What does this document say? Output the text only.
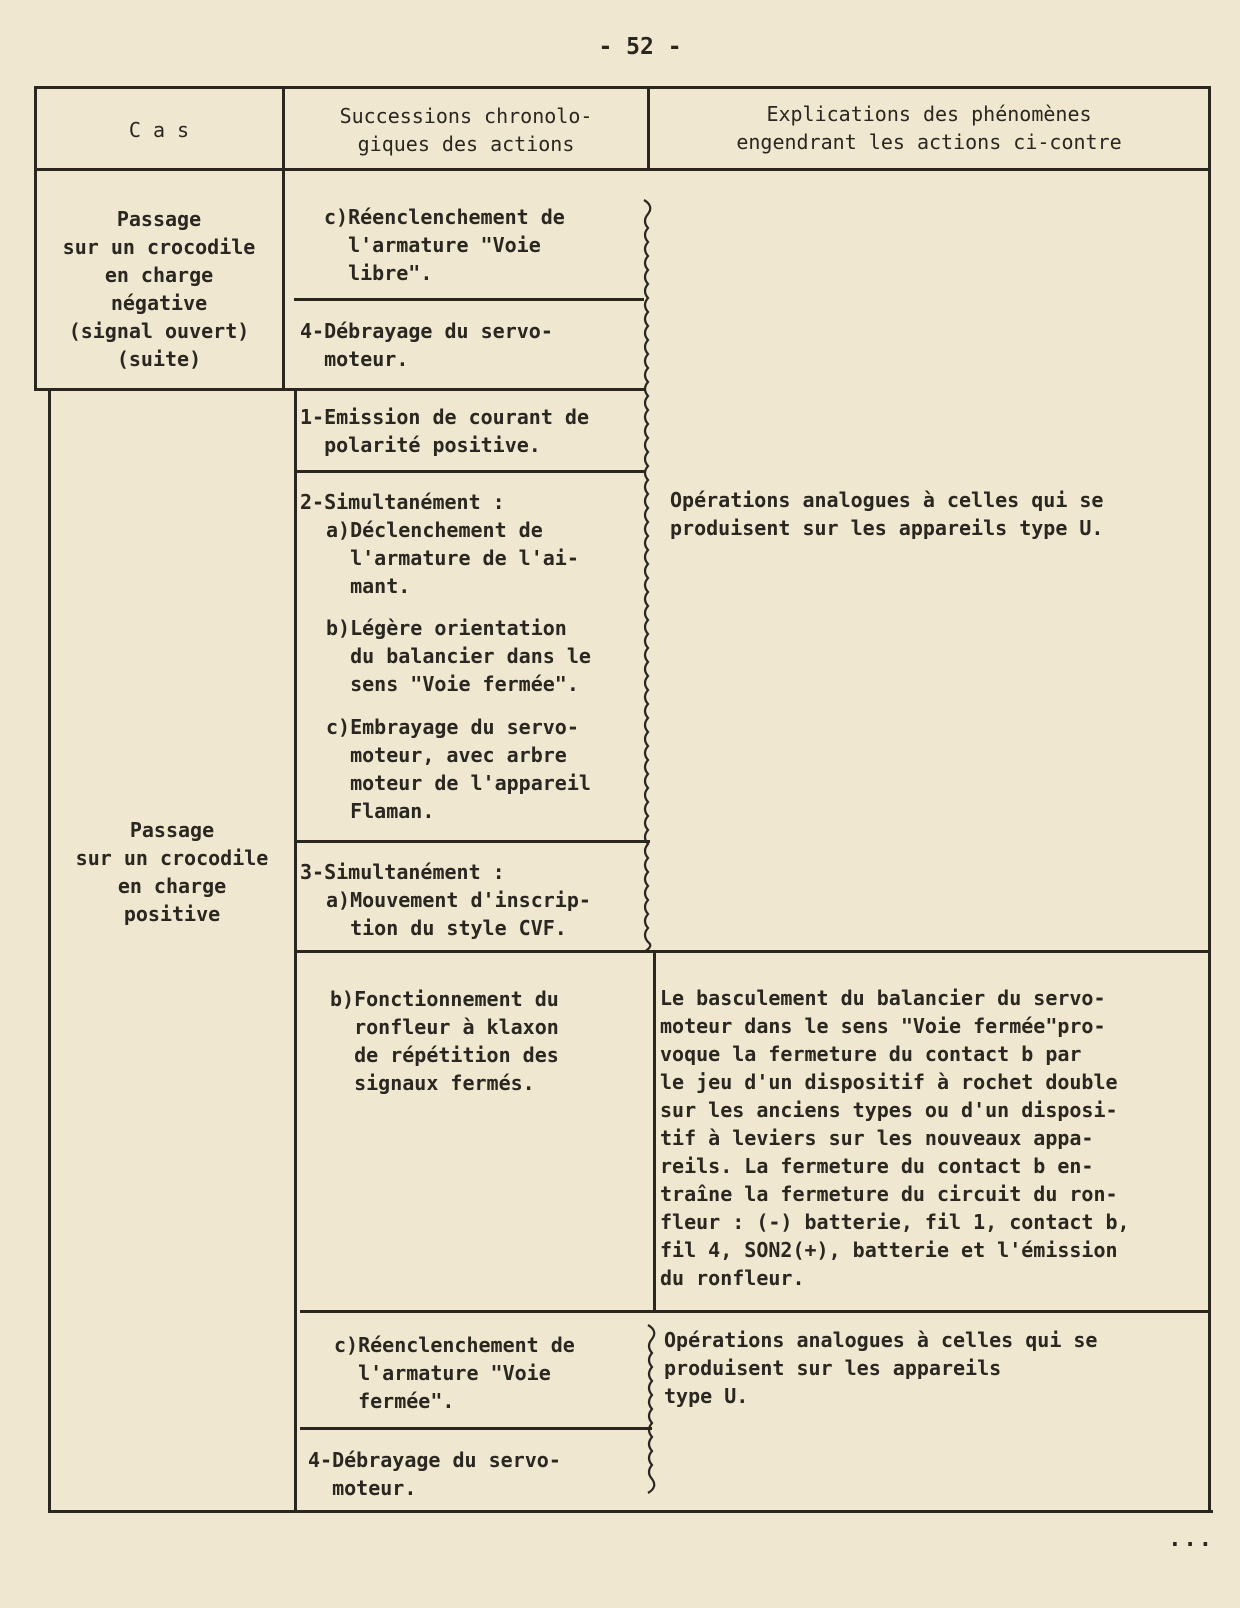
- 52 -
C a s
Successions chronolo-
giques des actions
Explications des phénomènes
engendrant les actions ci-contre
Passage
sur un crocodile
en charge
négative
(signal ouvert)
(suite)
c)Réenclenchement de
l'armature "Voie
libre".
4-Débrayage du servo-
moteur.
Passage
sur un crocodile
en charge
positive
1-Emission de courant de
polarité positive.
2-Simultanément :
a)Déclenchement de
l'armature de l'ai-
mant.
b)Légère orientation
du balancier dans le
sens "Voie fermée".
c)Embrayage du servo-
moteur, avec arbre
moteur de l'appareil
Flaman.
3-Simultanément :
a)Mouvement d'inscrip-
tion du style CVF.
b)Fonctionnement du
ronfleur à klaxon
de répétition des
signaux fermés.
c)Réenclenchement de
l'armature "Voie
fermée".
4-Débrayage du servo-
moteur.
Opérations analogues à celles qui se
produisent sur les appareils type U.
Le basculement du balancier du servo-
moteur dans le sens "Voie fermée"pro-
voque la fermeture du contact b par
le jeu d'un dispositif à rochet double
sur les anciens types ou d'un disposi-
tif à leviers sur les nouveaux appa-
reils. La fermeture du contact b en-
traîne la fermeture du circuit du ron-
fleur : (-) batterie, fil 1, contact b,
fil 4, SON2(+), batterie et l'émission
du ronfleur.
Opérations analogues à celles qui se
produisent sur les appareils
type U.
...
